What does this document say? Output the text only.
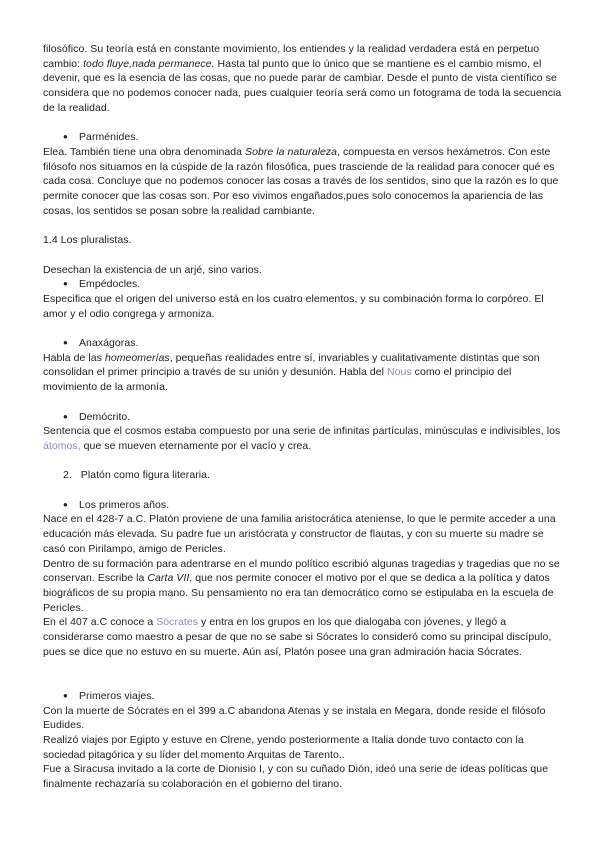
filosófico. Su teoría está en constante movimiento, los entiendes y la realidad verdadera está en perpetuo cambio: todo fluye,nada permanece. Hasta tal punto que lo único que se mantiene es el cambio mismo, el devenir, que es la esencia de las cosas, que no puede parar de cambiar. Desde el punto de vista científico se considera que no podemos conocer nada, pues cualquier teoría será como un fotograma de toda la secuencia de la realidad.

●	Parménides.

Elea. También tiene una obra denominada Sobre la naturaleza, compuesta en versos hexámetros. Con este filósofo nos situamos en la cúspide de la razón filosófica, pues trasciende de la realidad para conocer qué es cada cosa. Concluye que no podemos conocer las cosas a través de los sentidos, sino que la razón es lo que permite conocer que las cosas son. Por eso vivimos engañados,pues solo conocemos la apariencia de las cosas, los sentidos se posan sobre la realidad cambiante.

1.4 Los pluralistas.

Desechan la existencia de un arjé, sino varios.

●	Empédocles.

Especifica que el origen del universo está en los cuatro elementos, y su combinación forma lo corpóreo. El amor y el odio congrega y armoniza.

●	Anaxágoras.

Habla de las homeomerías, pequeñas realidades entre sí, invariables y cualitativamente distintas que son consolidan el primer principio a través de su unión y desunión. Habla del Nous como el principio del movimiento de la armonía.

●	Demócrito.

Sentencia que el cosmos estaba compuesto por una serie de infinitas partículas, minúsculas e indivisibles, los átomos, que se mueven eternamente por el vacío y crea.

2. Platón como figura literaria.

●	Los primeros años.

Nace en el 428-7 a.C. Platón proviene de una familia aristocrática ateniense, lo que le permite acceder a una educación más elevada. Su padre fue un aristócrata y constructor de flautas, y con su muerte su madre se casó con Pirilampo, amigo de Pericles.

Dentro de su formación para adentrarse en el mundo político escribió algunas tragedias y tragedias que no se conservan. Escribe la Carta VII, que nos permite conocer el motivo por el que se dedica a la política y datos biográficos de su propia mano. Su pensamiento no era tan democrático como se estipulaba en la escuela de Pericles.

En el 407 a.C conoce a Sócrates y entra en los grupos en los que dialogaba con jóvenes, y llegó a considerarse como maestro a pesar de que no se sabe si Sócrates lo consideró como su principal discípulo, pues se dice que no estuvo en su muerte. Aún así, Platón posee una gran admiración hacia Sócrates.

●	Primeros viajes.

Con la muerte de Sócrates en el 399 a.C abandona Atenas y se instala en Megara, donde reside el filósofo Eudides.

Realizó viajes por Egipto y estuve en Clrene, yendo posteriormente a Italia donde tuvo contacto con la sociedad pitagórica y su líder del momento Arquitas de Tarento..

Fue a Siracusa invitado a la corte de Dionisio I, y con su cuñado Dión, ideó una serie de ideas políticas que finalmente rechazaría su colaboración en el gobierno del tirano.
